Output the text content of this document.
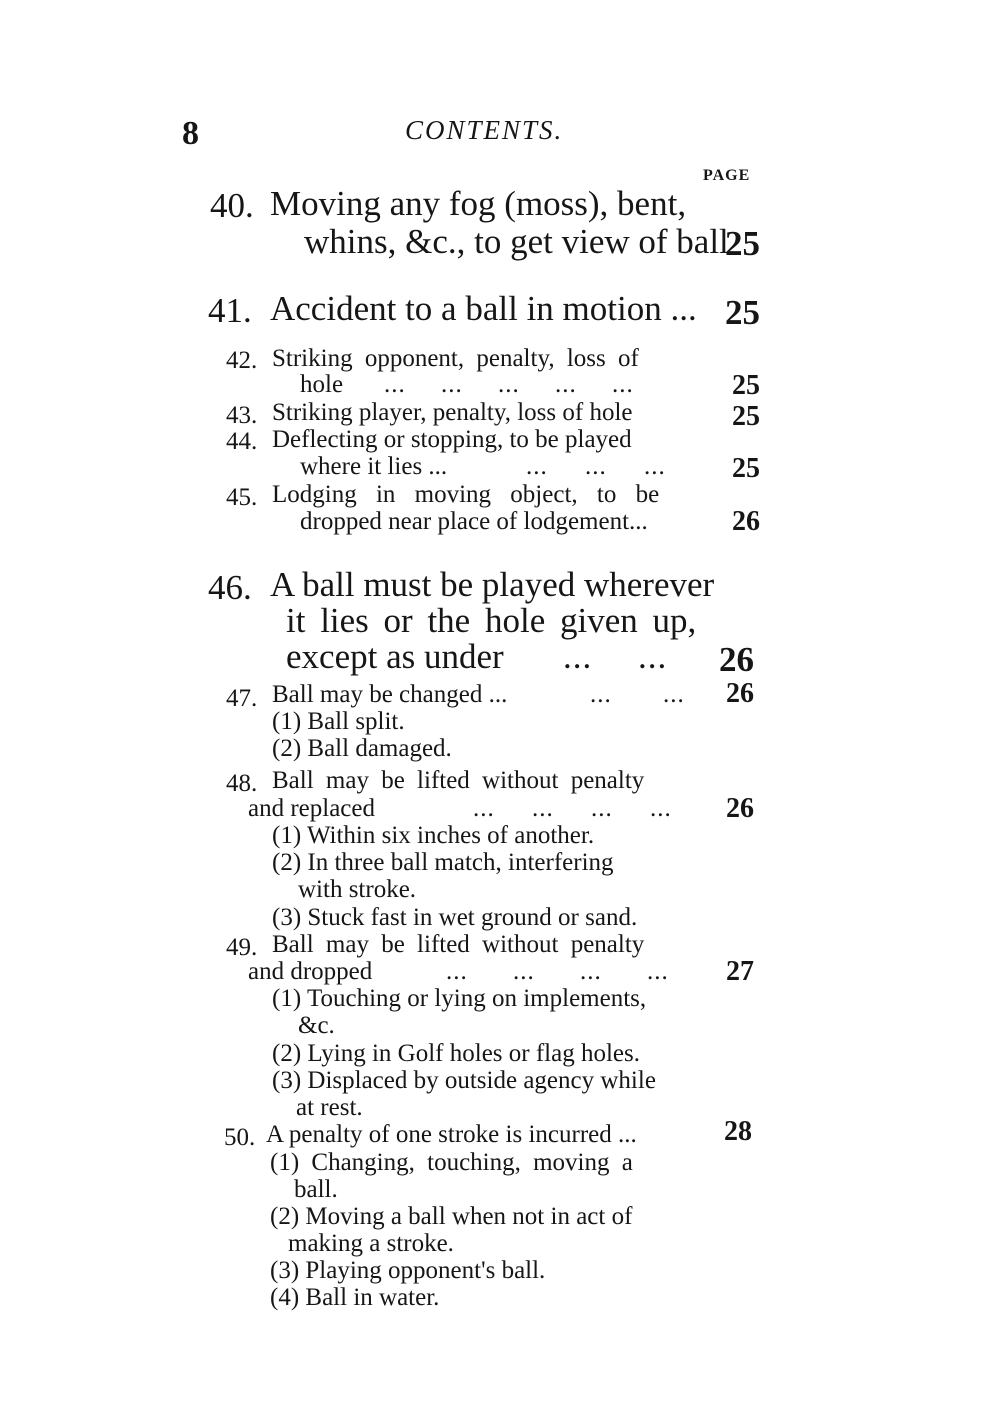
8	CONTENTS.
PAGE
40. Moving any fog (moss), bent,
whins, &c., to get view of ball
25
41. Accident to a ball in motion ... 25
42. Striking opponent, penalty, loss of
hole ... ... ... ... ...	25
43. Striking player, penalty, loss of hole	25
44. Deflecting or stopping, to be played
where it lies ...	... ... ... 25
45. Lodging in moving object, to be
dropped near place of lodgement...	26
46. A ball must be played wherever
it lies or the hole given up,
except as under ... ... 26
47. Ball may be changed ...	... ... 26
(1) Ball split.
(2) Ball damaged.
48. Ball may be lifted without penalty
and replaced	... ... ... ... 26
(1) Within six inches of another.
(2) In three ball match, interfering
with stroke.
(3) Stuck fast in wet ground or sand.
49. Ball may be lifted without penalty
and dropped	... ... ... ... 27
(1) Touching or lying on implements,
&c.
(2) Lying in Golf holes or flag holes.
(3) Displaced by outside agency while
at rest.
50. A penalty of one stroke is incurred ...	28
(1) Changing, touching, moving a
ball.
(2) Moving a ball when not in act of
making a stroke.
(3) Playing opponent's ball.
(4) Ball in water.
